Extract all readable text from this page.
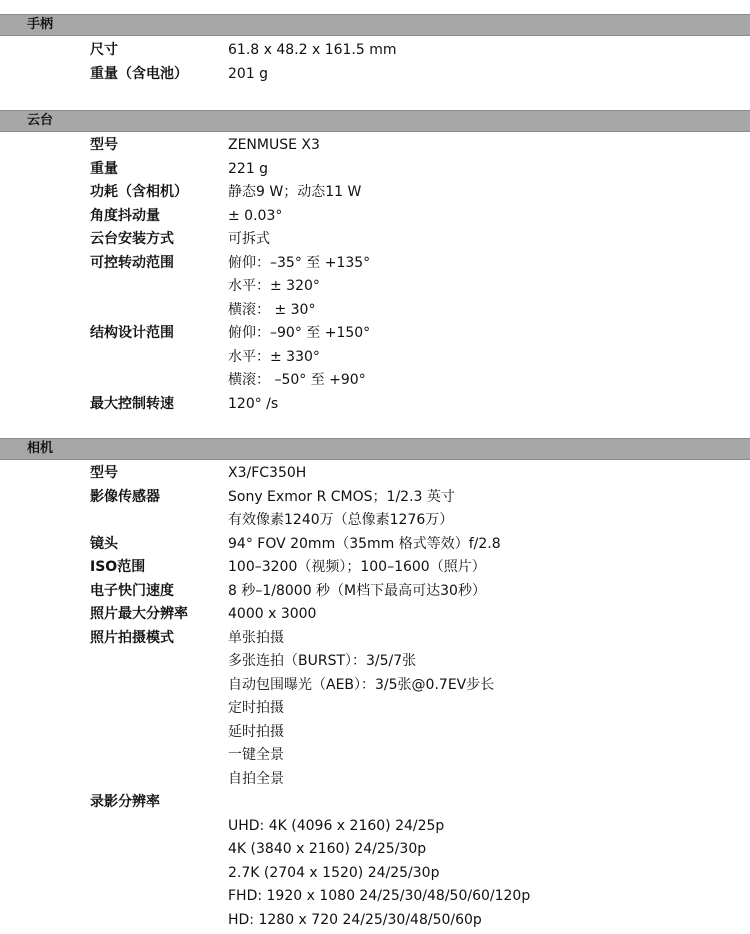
手柄
尺寸	61.8 x 48.2 x 161.5 mm
重量（含电池）	201 g
云台
型号	ZENMUSE X3
重量	221 g
功耗（含相机）	静态9 W；动态11 W
角度抖动量	± 0.03°
云台安装方式	可拆式
可控转动范围	俯仰：–35° 至 +135°
水平：± 320°
横滚： ± 30°
结构设计范围	俯仰：–90° 至 +150°
水平：± 330°
横滚： –50° 至 +90°
最大控制转速	120° /s
相机
型号	X3/FC350H
影像传感器	Sony Exmor R CMOS；1/2.3 英寸
有效像素1240万（总像素1276万）
镜头	94° FOV 20mm（35mm 格式等效）f/2.8
ISO范围	100–3200（视频）；100–1600（照片）
电子快门速度	8 秒–1/8000 秒（M档下最高可达30秒）
照片最大分辨率	4000 x 3000
照片拍摄模式	单张拍摄
多张连拍（BURST）：3/5/7张
自动包围曝光（AEB）：3/5张@0.7EV步长
定时拍摄
延时拍摄
一键全景
自拍全景
录影分辨率
UHD: 4K (4096 x 2160) 24/25p
4K (3840 x 2160) 24/25/30p
2.7K (2704 x 1520) 24/25/30p
FHD: 1920 x 1080 24/25/30/48/50/60/120p
HD: 1280 x 720 24/25/30/48/50/60p
